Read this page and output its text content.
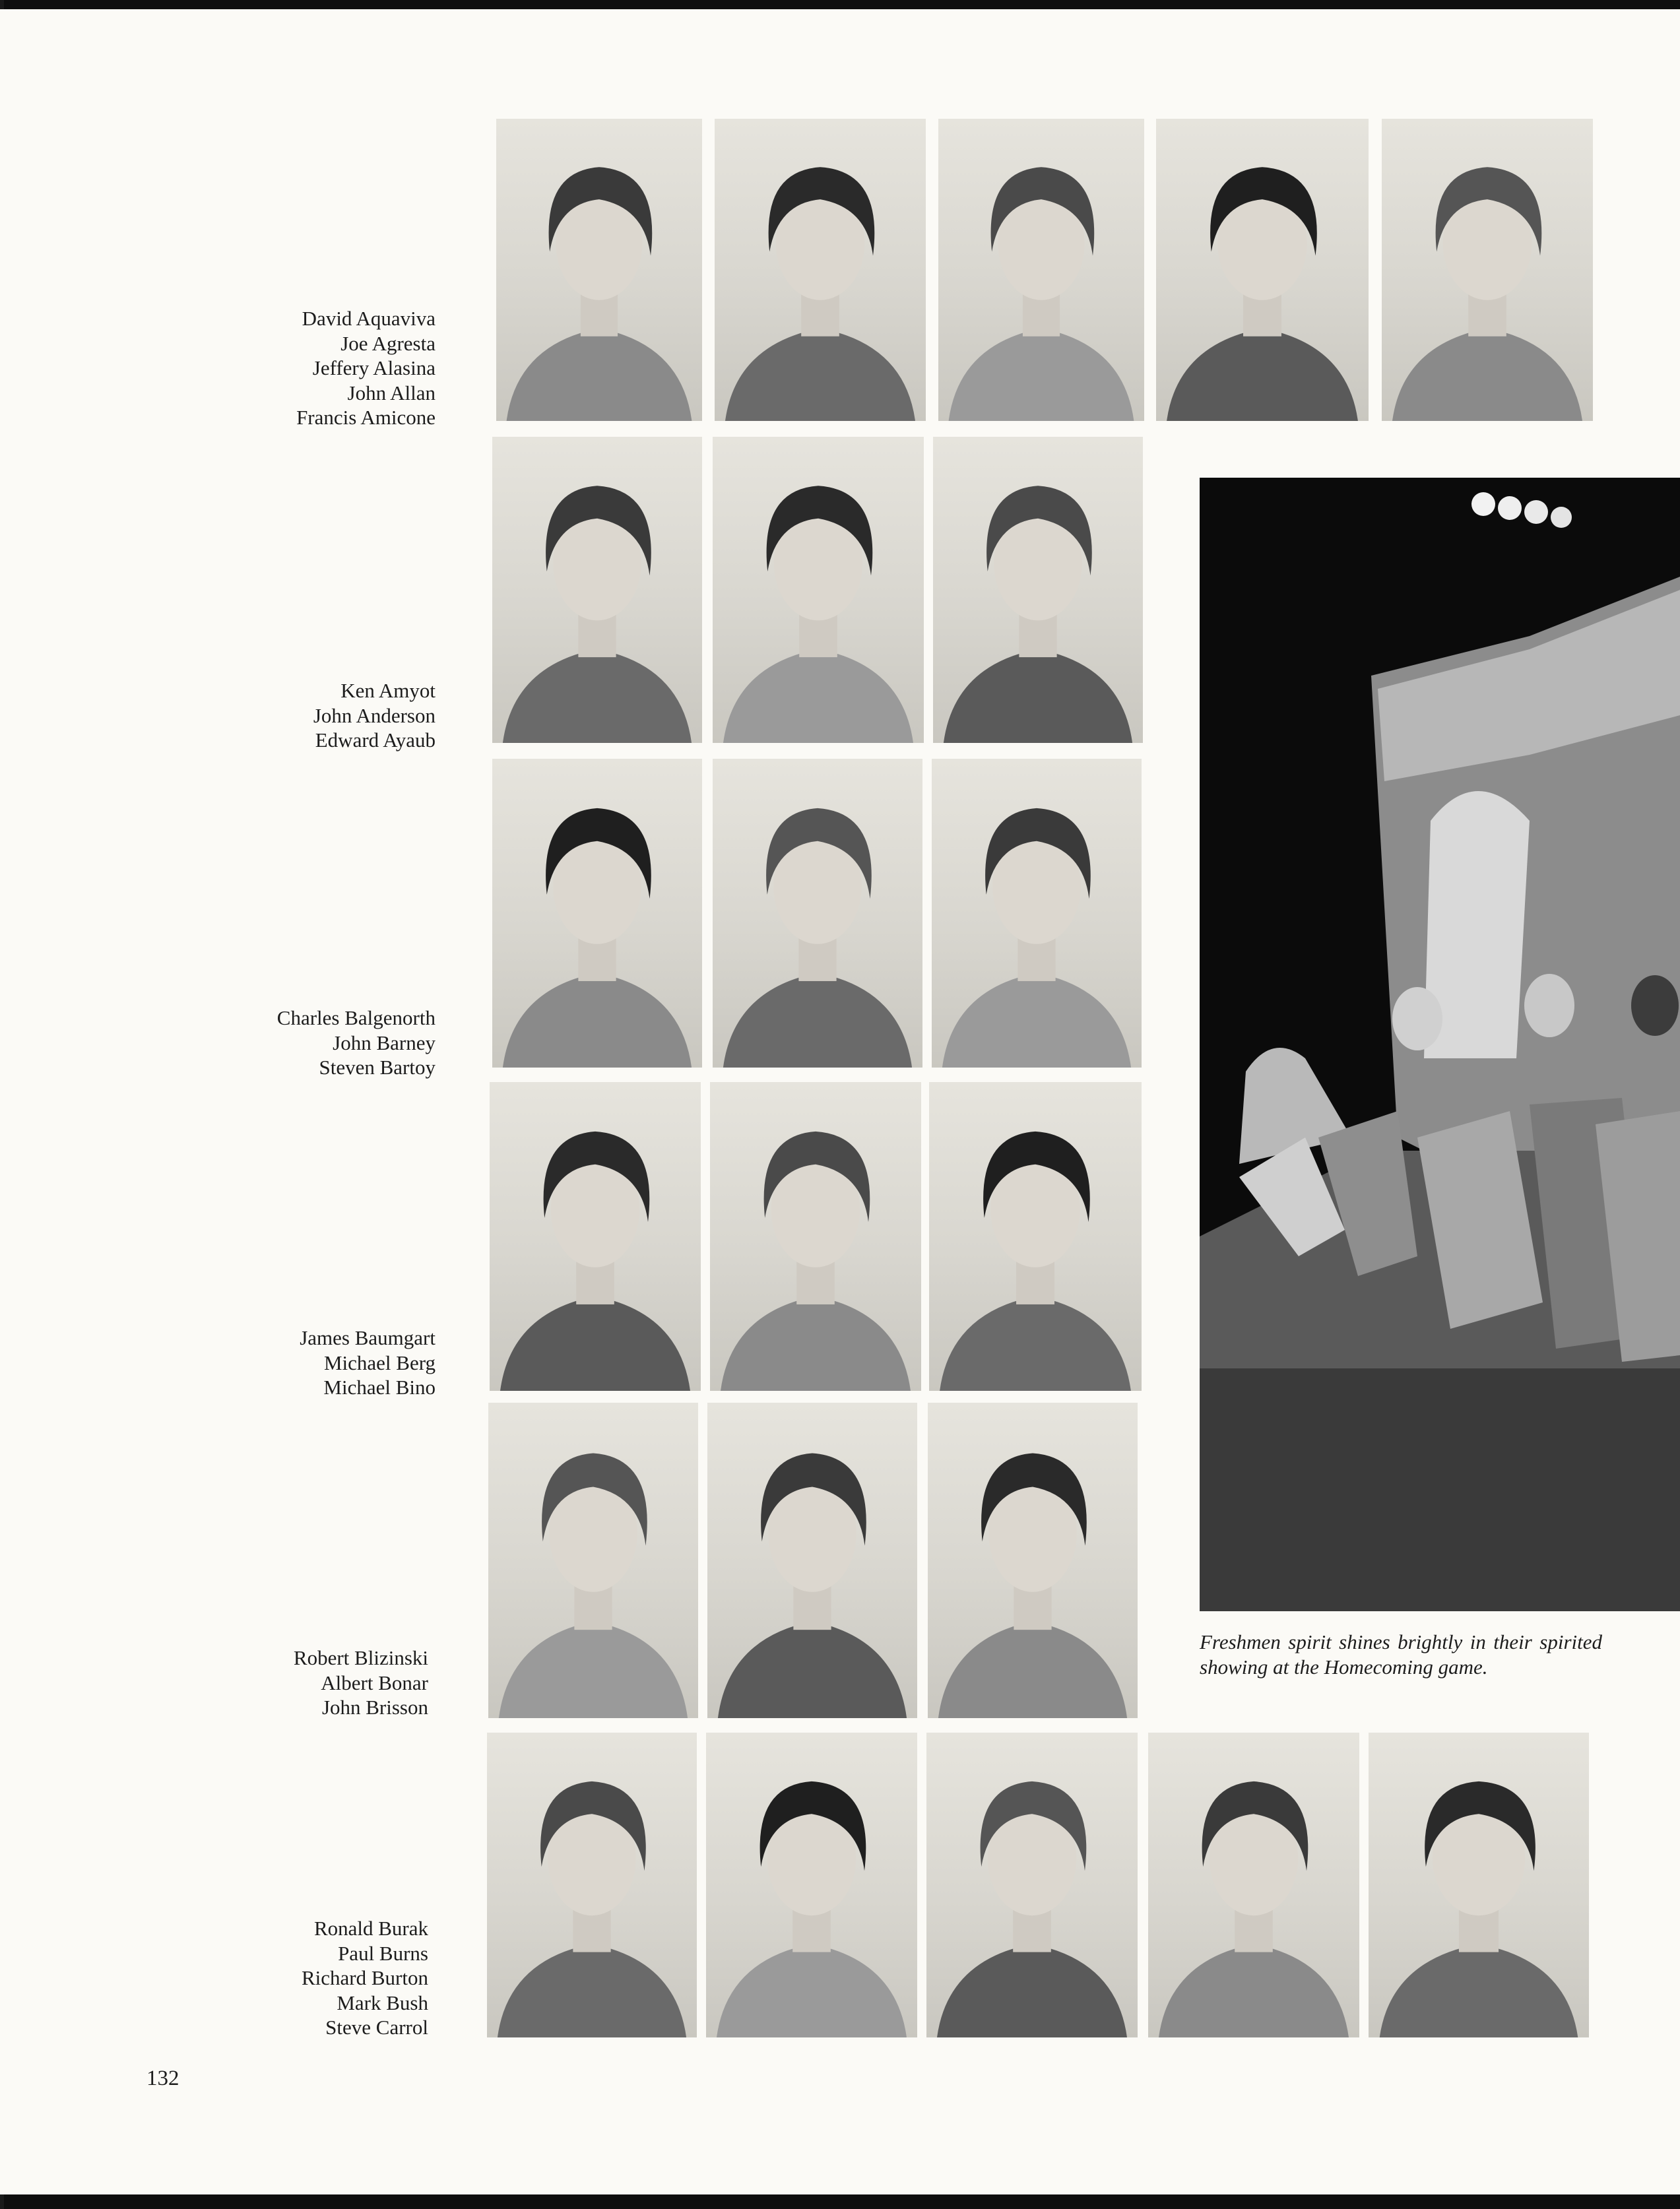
David Aquaviva
Joe Agresta
Jeffery Alasina
John Allan
Francis Amicone
Ken Amyot
John Anderson
Edward Ayaub
Charles Balgenorth
John Barney
Steven Bartoy
James Baumgart
Michael Berg
Michael Bino
Robert Blizinski
Albert Bonar
John Brisson
Ronald Burak
Paul Burns
Richard Burton
Mark Bush
Steve Carrol
Freshmen spirit shines brightly in their spirited showing at the Homecoming game.
132
